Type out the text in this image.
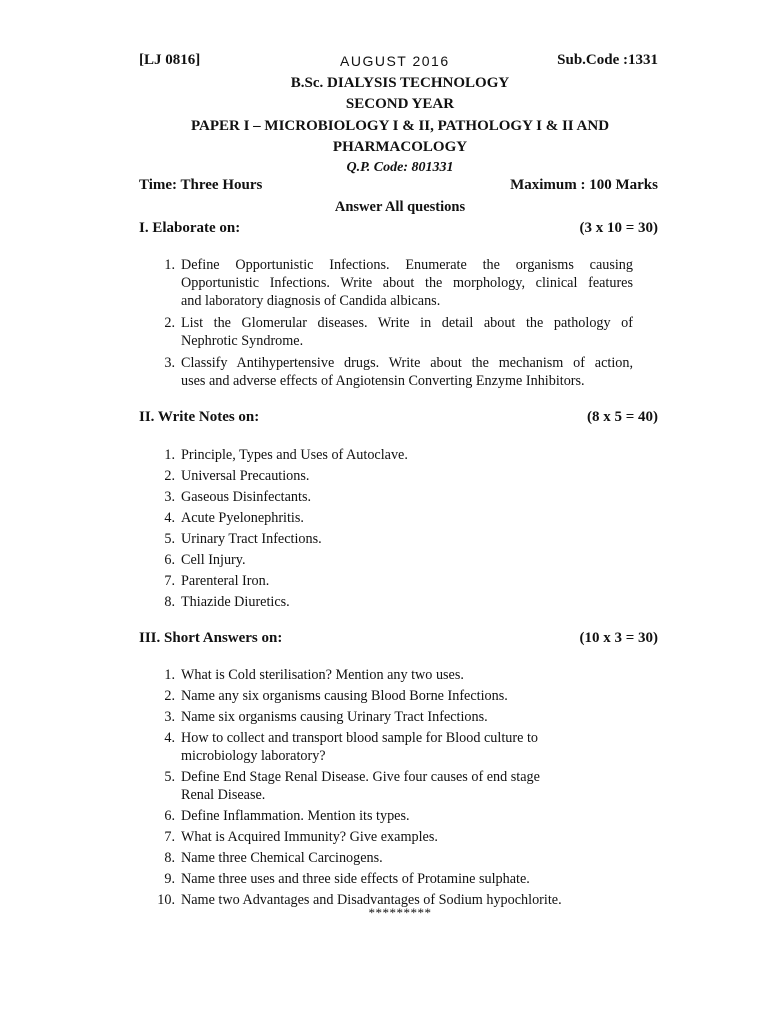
[LJ 0816]	AUGUST 2016	Sub.Code :1331
B.Sc. DIALYSIS TECHNOLOGY
SECOND YEAR
PAPER I – MICROBIOLOGY I & II, PATHOLOGY I & II AND
PHARMACOLOGY
Q.P. Code: 801331
Time: Three Hours	Maximum : 100 Marks
Answer All questions
I. Elaborate on:	(3 x 10 = 30)
1. Define Opportunistic Infections. Enumerate the organisms causing
Opportunistic Infections. Write about the morphology, clinical features
and laboratory diagnosis of Candida albicans.
2. List the Glomerular diseases. Write in detail about the pathology of
Nephrotic Syndrome.
3. Classify Antihypertensive drugs. Write about the mechanism of action,
uses and adverse effects of Angiotensin Converting Enzyme Inhibitors.
II. Write Notes on:	(8 x 5 = 40)
1. Principle, Types and Uses of Autoclave.
2. Universal Precautions.
3. Gaseous Disinfectants.
4. Acute Pyelonephritis.
5. Urinary Tract Infections.
6. Cell Injury.
7. Parenteral Iron.
8. Thiazide Diuretics.
III. Short Answers on:	(10 x 3 = 30)
1. What is Cold sterilisation? Mention any two uses.
2. Name any six organisms causing Blood Borne Infections.
3. Name six organisms causing Urinary Tract Infections.
4. How to collect and transport blood sample for Blood culture to
microbiology laboratory?
5. Define End Stage Renal Disease. Give four causes of end stage
Renal Disease.
6. Define Inflammation. Mention its types.
7. What is Acquired Immunity? Give examples.
8. Name three Chemical Carcinogens.
9. Name three uses and three side effects of Protamine sulphate.
10. Name two Advantages and Disadvantages of Sodium hypochlorite.
*********
